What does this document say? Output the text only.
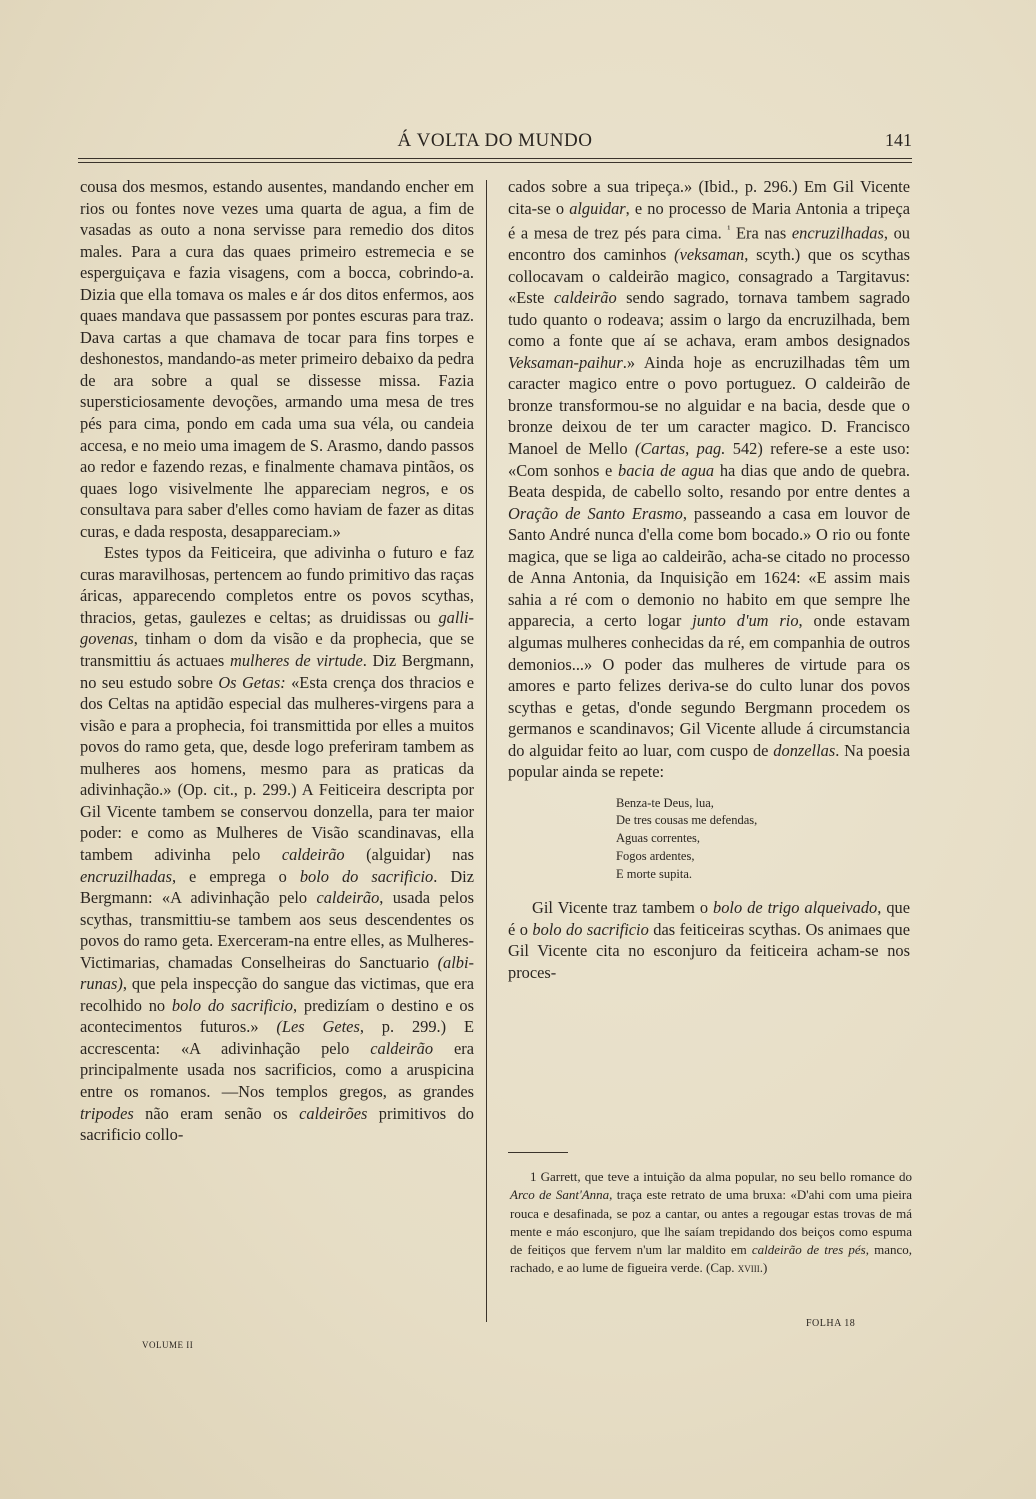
Á VOLTA DO MUNDO	141

cousa dos mesmos, estando ausentes, mandando encher em rios ou fontes nove vezes uma quarta de agua, a fim de vasadas as outo a nona servisse para remedio dos ditos males. Para a cura das quaes primeiro estremecia e se esperguiçava e fazia visagens, com a bocca, cobrindo-a. Dizia que ella tomava os males e ár dos ditos enfermos, aos quaes mandava que passassem por pontes escuras para traz. Dava cartas a que chamava de tocar para fins torpes e deshonestos, mandando-as meter primeiro debaixo da pedra de ara sobre a qual se dissesse missa. Fazia supersticiosamente devoções, armando uma mesa de tres pés para cima, pondo em cada uma sua véla, ou candeia accesa, e no meio uma imagem de S. Arasmo, dando passos ao redor e fazendo rezas, e finalmente chamava pintãos, os quaes logo visivelmente lhe appareciam negros, e os consultava para saber d'elles como haviam de fazer as ditas curas, e dada resposta, desappareciam.»

Estes typos da Feiticeira, que adivinha o futuro e faz curas maravilhosas, pertencem ao fundo primitivo das raças áricas, apparecendo completos entre os povos scythas, thracios, getas, gaulezes e celtas; as druidissas ou galli-govenas, tinham o dom da visão e da prophecia, que se transmittiu ás actuaes mulheres de virtude. Diz Bergmann, no seu estudo sobre Os Getas: «Esta crença dos thracios e dos Celtas na aptidão especial das mulheres-virgens para a visão e para a prophecia, foi transmittida por elles a muitos povos do ramo geta, que, desde logo preferiram tambem as mulheres aos homens, mesmo para as praticas da adivinhação.» (Op. cit., p. 299.) A Feiticeira descripta por Gil Vicente tambem se conservou donzella, para ter maior poder: e como as Mulheres de Visão scandinavas, ella tambem adivinha pelo caldeirão (alguidar) nas encruzilhadas, e emprega o bolo do sacrificio. Diz Bergmann: «A adivinhação pelo caldeirão, usada pelos scythas, transmittiu-se tambem aos seus descendentes os povos do ramo geta. Exerceram-na entre elles, as Mulheres-Victimarias, chamadas Conselheiras do Sanctuario (albi-runas), que pela inspecção do sangue das victimas, que era recolhido no bolo do sacrificio, predizíam o destino e os acontecimentos futuros.» (Les Getes, p. 299.) E accrescenta: «A adivinhação pelo caldeirão era principalmente usada nos sacrificios, como a aruspicina entre os romanos. —Nos templos gregos, as grandes tripodes não eram senão os caldeirões primitivos do sacrificio collo-

cados sobre a sua tripeça.» (Ibid., p. 296.) Em Gil Vicente cita-se o alguidar, e no processo de Maria Antonia a tripeça é a mesa de trez pés para cima. $^{^1}$ Era nas encruzilhadas, ou encontro dos caminhos (veksaman, scyth.) que os scythas collocavam o caldeirão magico, consagrado a Targitavus: «Este caldeirão sendo sagrado, tornava tambem sagrado tudo quanto o rodeava; assim o largo da encruzilhada, bem como a fonte que aí se achava, eram ambos designados Veksaman-paihur.» Ainda hoje as encruzilhadas têm um caracter magico entre o povo portuguez. O caldeirão de bronze transformou-se no alguidar e na bacia, desde que o bronze deixou de ter um caracter magico. D. Francisco Manoel de Mello (Cartas, pag. 542) refere-se a este uso: «Com sonhos e bacia de agua ha dias que ando de quebra. Beata despida, de cabello solto, resando por entre dentes a Oração de Santo Erasmo, passeando a casa em louvor de Santo André nunca d'ella come bom bocado.» O rio ou fonte magica, que se liga ao caldeirão, acha-se citado no processo de Anna Antonia, da Inquisição em 1624: «E assim mais sahia a ré com o demonio no habito em que sempre lhe apparecia, a certo logar junto d'um rio, onde estavam algumas mulheres conhecidas da ré, em companhia de outros demonios...» O poder das mulheres de virtude para os amores e parto felizes deriva-se do culto lunar dos povos scythas e getas, d'onde segundo Bergmann procedem os germanos e scandinavos; Gil Vicente allude á circumstancia do alguidar feito ao luar, com cuspo de donzellas. Na poesia popular ainda se repete:

Benza-te Deus, lua,
De tres cousas me defendas,
Aguas correntes,
Fogos ardentes,
E morte supita.

Gil Vicente traz tambem o bolo de trigo alqueivado, que é o bolo do sacrificio das feiticeiras scythas. Os animaes que Gil Vicente cita no esconjuro da feiticeira acham-se nos proces-

1 Garrett, que teve a intuição da alma popular, no seu bello romance do Arco de Sant'Anna, traça este retrato de uma bruxa: «D'ahi com uma pieira rouca e desafinada, se poz a cantar, ou antes a regougar estas trovas de má mente e máo esconjuro, que lhe saíam trepidando dos beiços como espuma de feitiços que fervem n'um lar maldito em caldeirão de tres pés, manco, rachado, e ao lume de figueira verde. (Cap. xviii.)

VOLUME II
FOLHA 18
